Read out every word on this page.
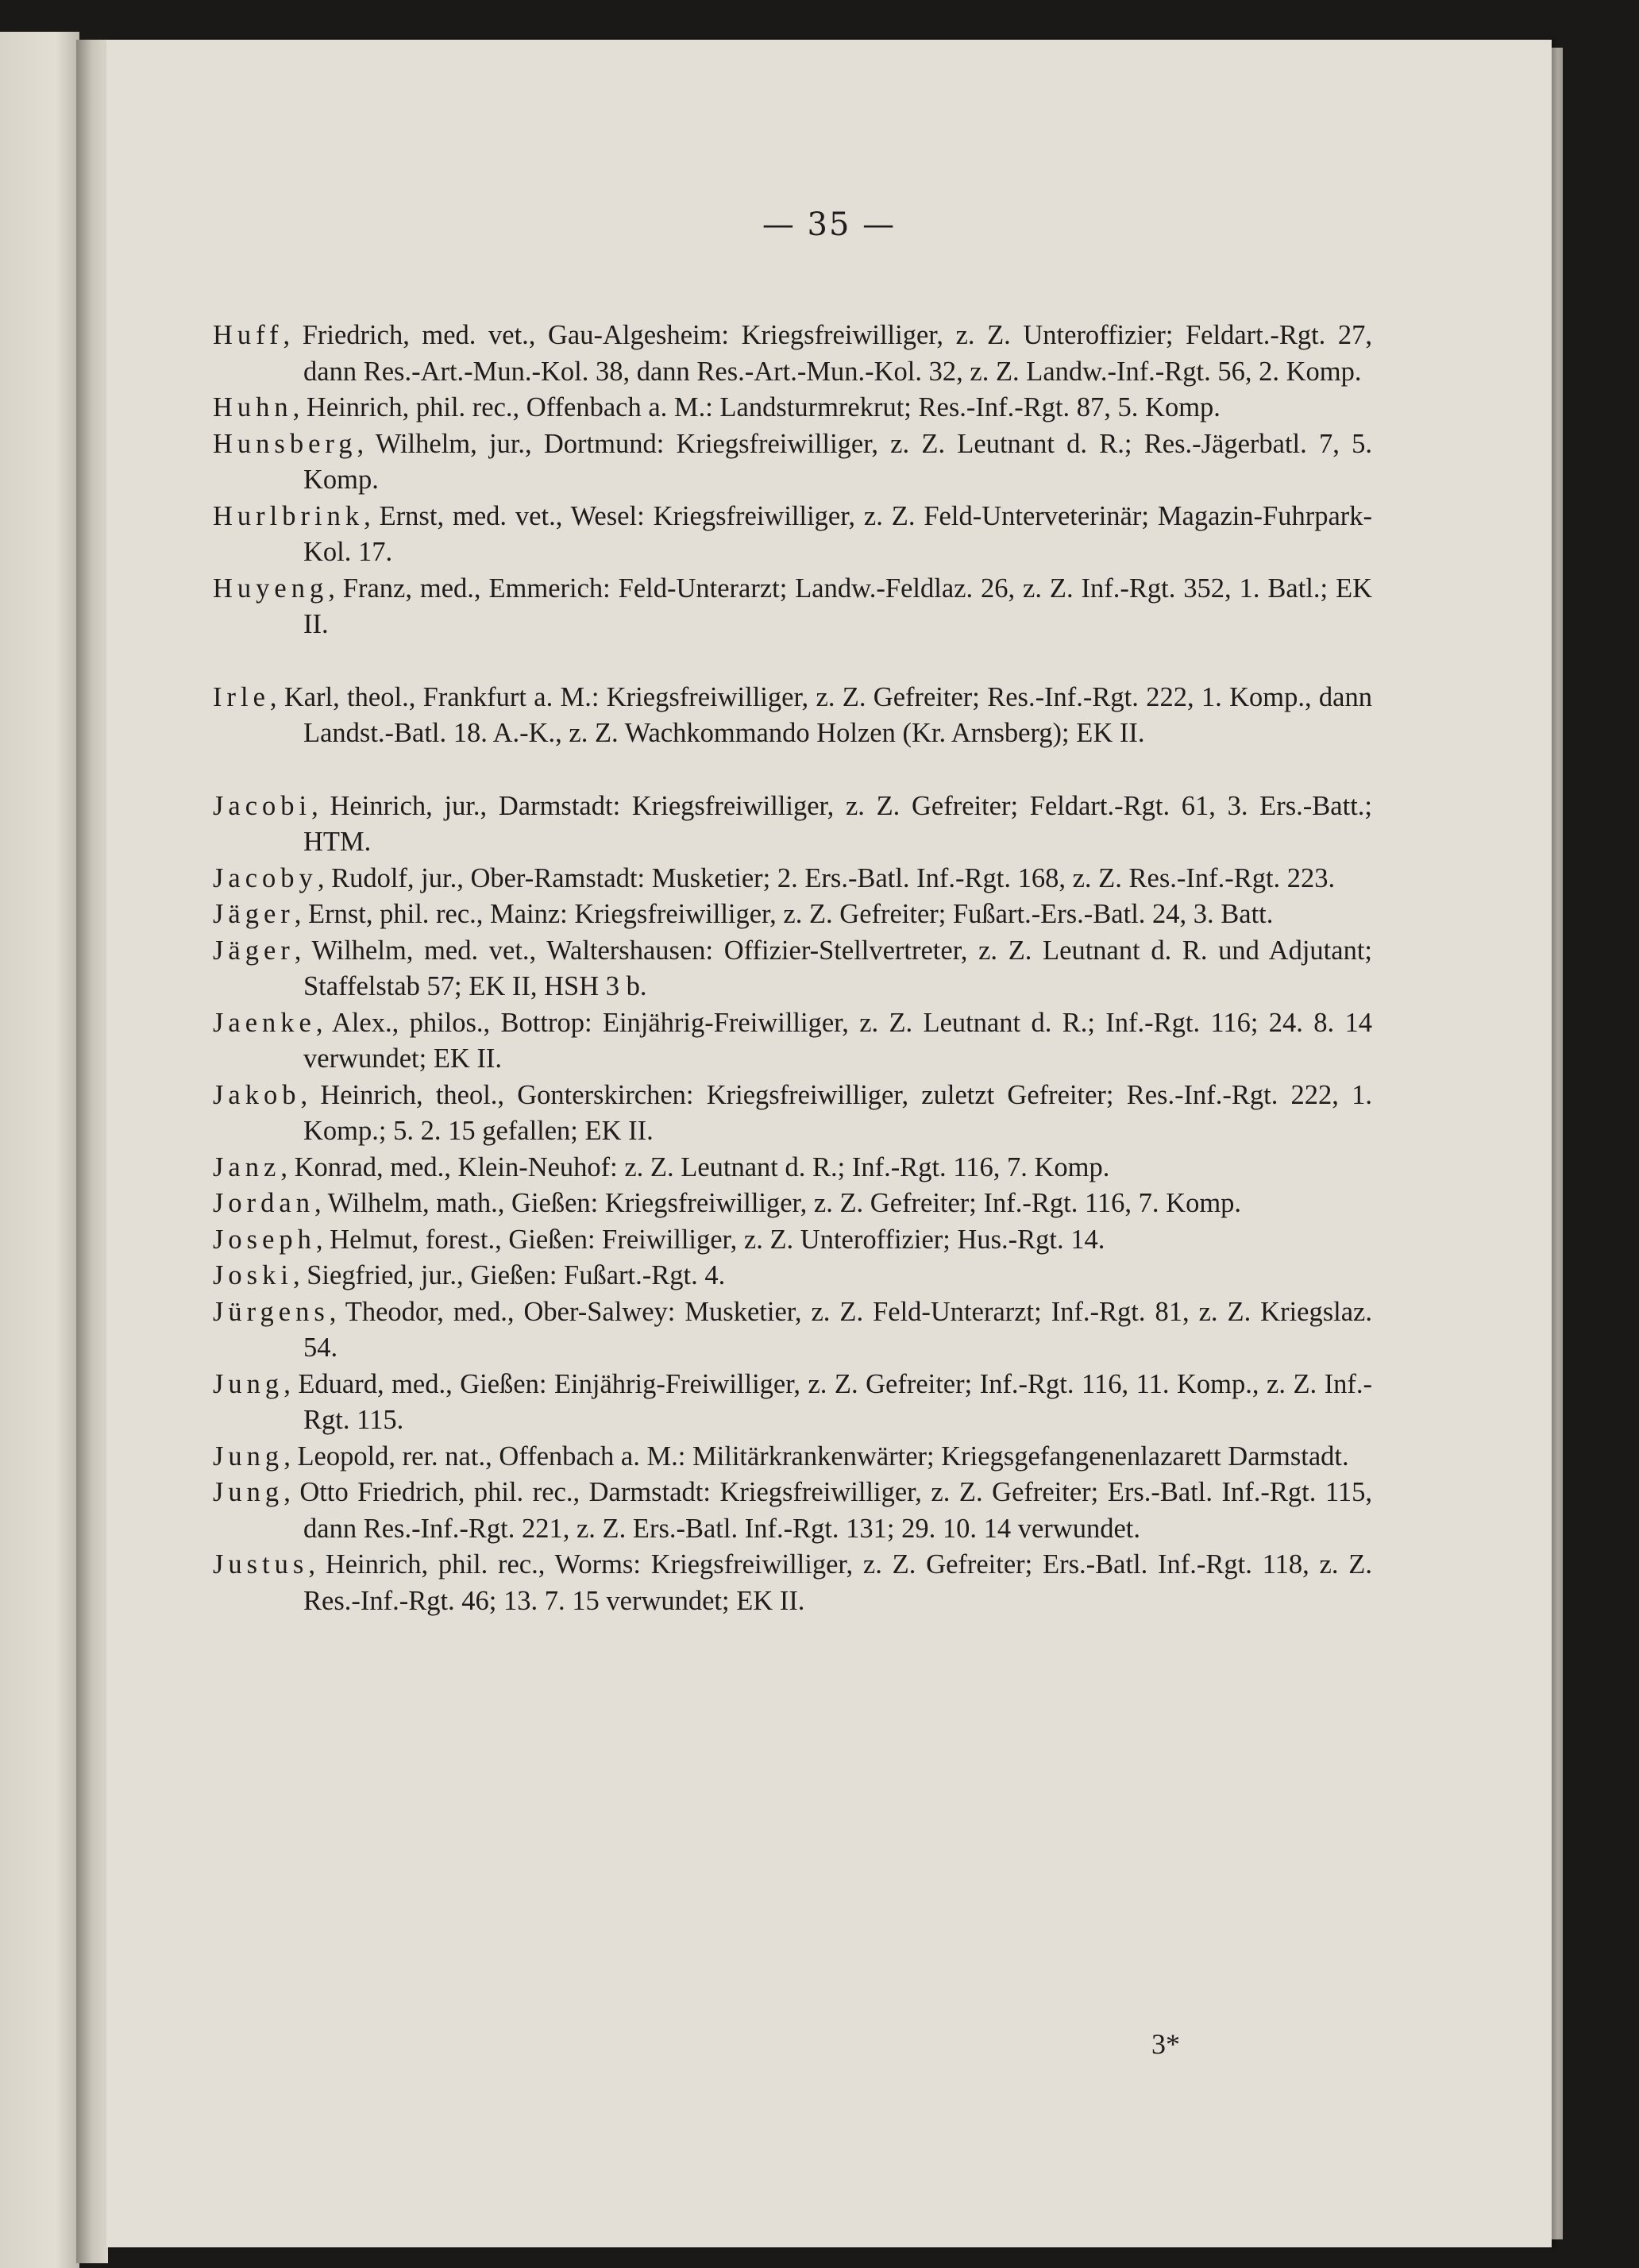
— 35 —

Huff, Friedrich, med. vet., Gau-Algesheim: Kriegsfreiwilliger, z. Z. Unteroffizier; Feldart.-Rgt. 27, dann Res.-Art.-Mun.-Kol. 38, dann Res.-Art.-Mun.-Kol. 32, z. Z. Landw.-Inf.-Rgt. 56, 2. Komp.

Huhn, Heinrich, phil. rec., Offenbach a. M.: Landsturmrekrut; Res.-Inf.-Rgt. 87, 5. Komp.

Hunsberg, Wilhelm, jur., Dortmund: Kriegsfreiwilliger, z. Z. Leutnant d. R.; Res.-Jägerbatl. 7, 5. Komp.

Hurlbrink, Ernst, med. vet., Wesel: Kriegsfreiwilliger, z. Z. Feld-Unterveterinär; Magazin-Fuhrpark-Kol. 17.

Huyeng, Franz, med., Emmerich: Feld-Unterarzt; Landw.-Feldlaz. 26, z. Z. Inf.-Rgt. 352, 1. Batl.; EK II.

Irle, Karl, theol., Frankfurt a. M.: Kriegsfreiwilliger, z. Z. Gefreiter; Res.-Inf.-Rgt. 222, 1. Komp., dann Landst.-Batl. 18. A.-K., z. Z. Wachkommando Holzen (Kr. Arnsberg); EK II.

Jacobi, Heinrich, jur., Darmstadt: Kriegsfreiwilliger, z. Z. Gefreiter; Feldart.-Rgt. 61, 3. Ers.-Batt.; HTM.

Jacoby, Rudolf, jur., Ober-Ramstadt: Musketier; 2. Ers.-Batl. Inf.-Rgt. 168, z. Z. Res.-Inf.-Rgt. 223.

Jäger, Ernst, phil. rec., Mainz: Kriegsfreiwilliger, z. Z. Gefreiter; Fußart.-Ers.-Batl. 24, 3. Batt.

Jäger, Wilhelm, med. vet., Waltershausen: Offizier-Stellvertreter, z. Z. Leutnant d. R. und Adjutant; Staffelstab 57; EK II, HSH 3 b.

Jaenke, Alex., philos., Bottrop: Einjährig-Freiwilliger, z. Z. Leutnant d. R.; Inf.-Rgt. 116; 24. 8. 14 verwundet; EK II.

Jakob, Heinrich, theol., Gonterskirchen: Kriegsfreiwilliger, zuletzt Gefreiter; Res.-Inf.-Rgt. 222, 1. Komp.; 5. 2. 15 gefallen; EK II.

Janz, Konrad, med., Klein-Neuhof: z. Z. Leutnant d. R.; Inf.-Rgt. 116, 7. Komp.

Jordan, Wilhelm, math., Gießen: Kriegsfreiwilliger, z. Z. Gefreiter; Inf.-Rgt. 116, 7. Komp.

Joseph, Helmut, forest., Gießen: Freiwilliger, z. Z. Unteroffizier; Hus.-Rgt. 14.

Joski, Siegfried, jur., Gießen: Fußart.-Rgt. 4.

Jürgens, Theodor, med., Ober-Salwey: Musketier, z. Z. Feld-Unterarzt; Inf.-Rgt. 81, z. Z. Kriegslaz. 54.

Jung, Eduard, med., Gießen: Einjährig-Freiwilliger, z. Z. Gefreiter; Inf.-Rgt. 116, 11. Komp., z. Z. Inf.-Rgt. 115.

Jung, Leopold, rer. nat., Offenbach a. M.: Militärkrankenwärter; Kriegsgefangenenlazarett Darmstadt.

Jung, Otto Friedrich, phil. rec., Darmstadt: Kriegsfreiwilliger, z. Z. Gefreiter; Ers.-Batl. Inf.-Rgt. 115, dann Res.-Inf.-Rgt. 221, z. Z. Ers.-Batl. Inf.-Rgt. 131; 29. 10. 14 verwundet.

Justus, Heinrich, phil. rec., Worms: Kriegsfreiwilliger, z. Z. Gefreiter; Ers.-Batl. Inf.-Rgt. 118, z. Z. Res.-Inf.-Rgt. 46; 13. 7. 15 verwundet; EK II.

3*
